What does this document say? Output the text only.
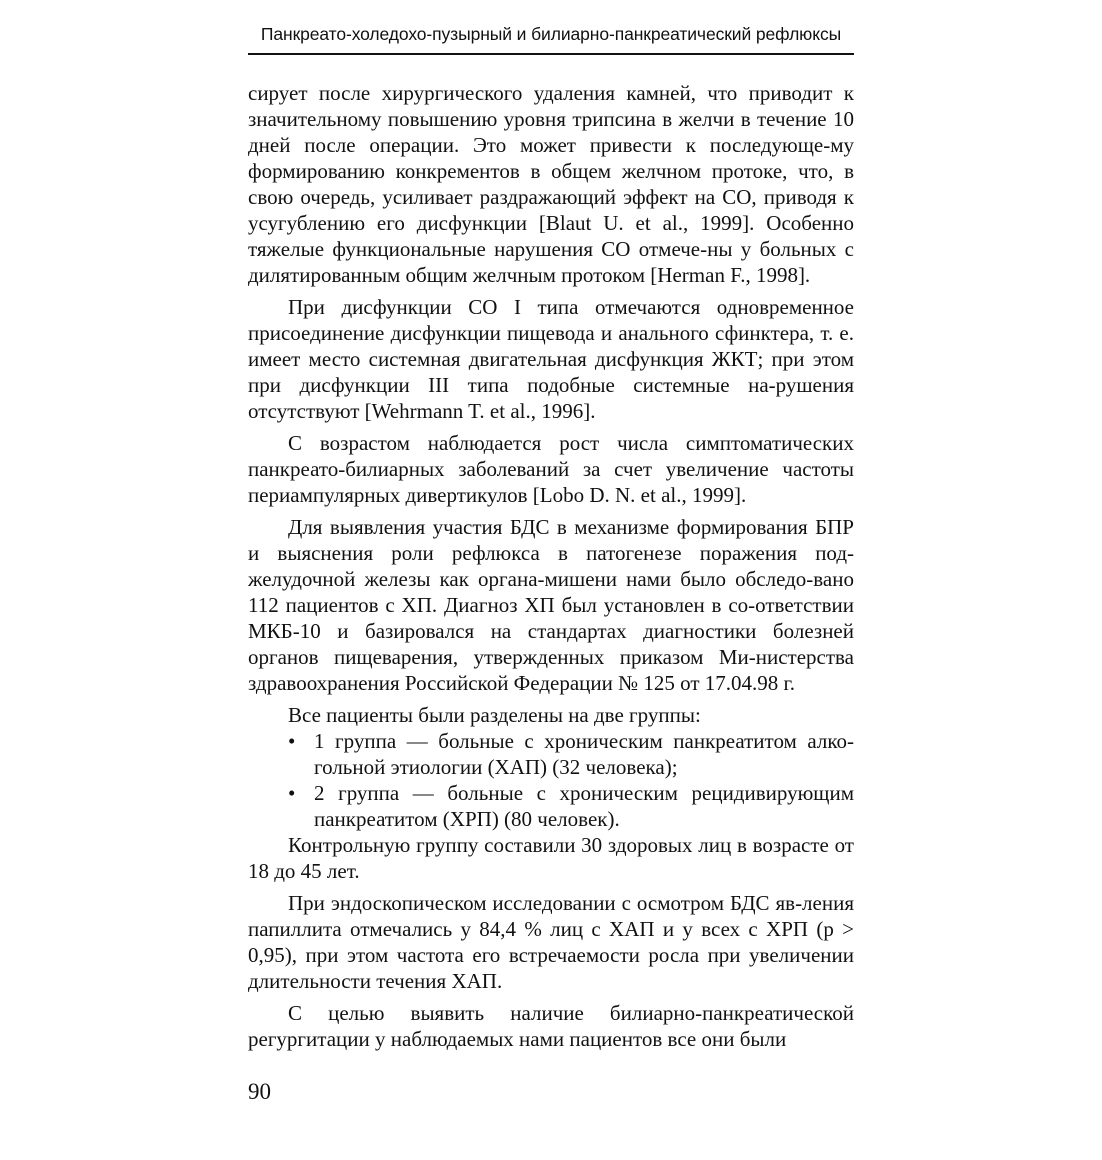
Панкреато-холедохо-пузырный и билиарно-панкреатический рефлюксы

сирует после хирургического удаления камней, что приводит к значительному повышению уровня трипсина в желчи в течение 10 дней после операции. Это может привести к последующе-му формированию конкрементов в общем желчном протоке, что, в свою очередь, усиливает раздражающий эффект на СО, приводя к усугублению его дисфункции [Blaut U. et al., 1999]. Особенно тяжелые функциональные нарушения СО отмече-ны у больных с дилятированным общим желчным протоком [Herman F., 1998].

При дисфункции СО I типа отмечаются одновременное присоединение дисфункции пищевода и анального сфинктера, т. е. имеет место системная двигательная дисфункция ЖКТ; при этом при дисфункции III типа подобные системные на-рушения отсутствуют [Wehrmann T. et al., 1996].

С возрастом наблюдается рост числа симптоматических панкреато-билиарных заболеваний за счет увеличение частоты периампулярных дивертикулов [Lobo D. N. et al., 1999].

Для выявления участия БДС в механизме формирования БПР и выяснения роли рефлюкса в патогенезе поражения под-желудочной железы как органа-мишени нами было обследо-вано 112 пациентов с ХП. Диагноз ХП был установлен в со-ответствии МКБ-10 и базировался на стандартах диагностики болезней органов пищеварения, утвержденных приказом Ми-нистерства здравоохранения Российской Федерации № 125 от 17.04.98 г.

Все пациенты были разделены на две группы:

• 1 группа — больные с хроническим панкреатитом алко-гольной этиологии (ХАП) (32 человека);
• 2 группа — больные с хроническим рецидивирующим панкреатитом (ХРП) (80 человек).

Контрольную группу составили 30 здоровых лиц в возрасте от 18 до 45 лет.

При эндоскопическом исследовании с осмотром БДС яв-ления папиллита отмечались у 84,4 % лиц с ХАП и у всех с ХРП (p > 0,95), при этом частота его встречаемости росла при увеличении длительности течения ХАП.

С целью выявить наличие билиарно-панкреатической регургитации у наблюдаемых нами пациентов все они были

90
